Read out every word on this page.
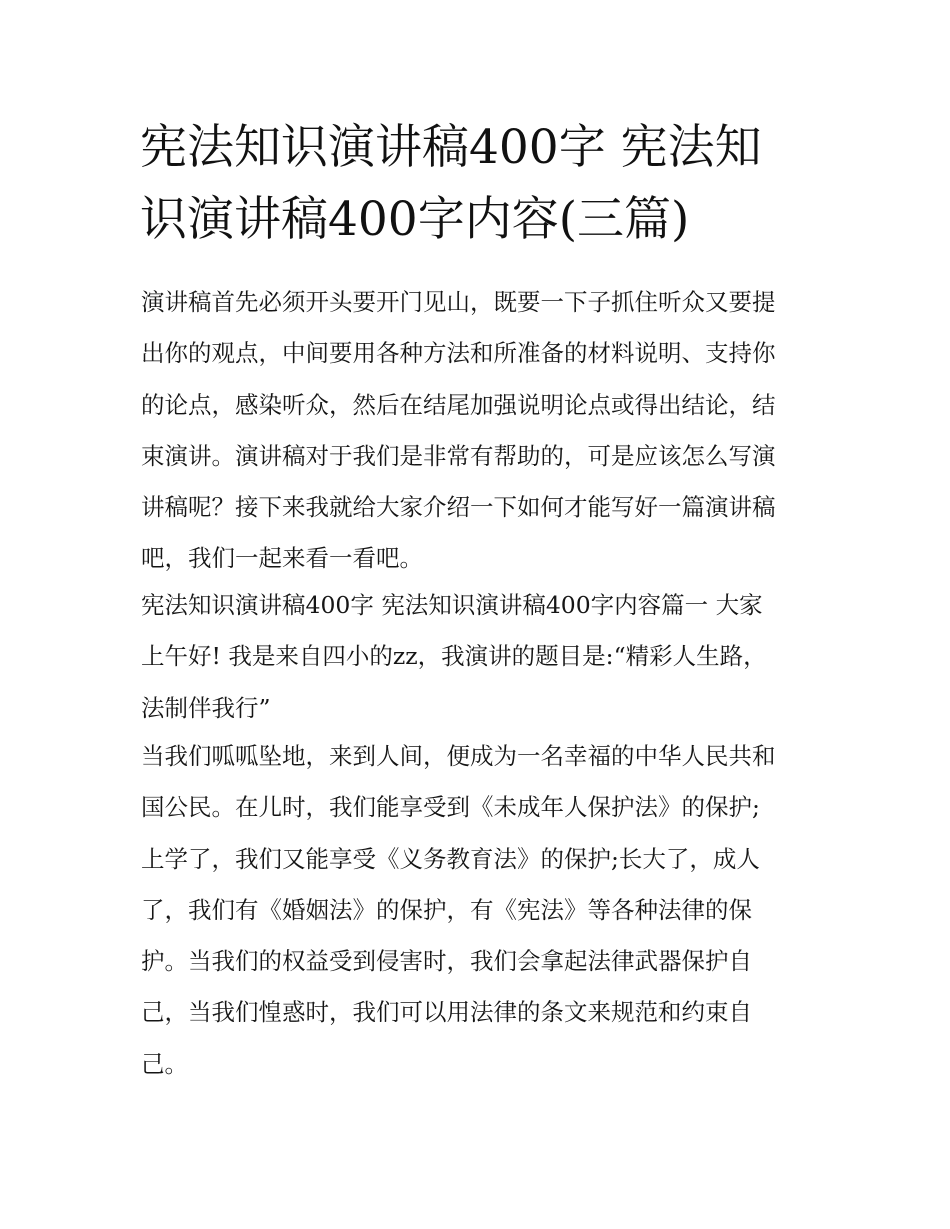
宪法知识演讲稿400字 宪法知
识演讲稿400字内容(三篇)

演讲稿首先必须开头要开门见山，既要一下子抓住听众又要提
出你的观点，中间要用各种方法和所准备的材料说明、支持你
的论点，感染听众，然后在结尾加强说明论点或得出结论，结
束演讲。演讲稿对于我们是非常有帮助的，可是应该怎么写演
讲稿呢？接下来我就给大家介绍一下如何才能写好一篇演讲稿
吧，我们一起来看一看吧。

宪法知识演讲稿400字 宪法知识演讲稿400字内容篇一 大家
上午好! 我是来自四小的zz，我演讲的题目是:“精彩人生路，
法制伴我行”

当我们呱呱坠地，来到人间，便成为一名幸福的中华人民共和
国公民。在儿时，我们能享受到《未成年人保护法》的保护;
上学了，我们又能享受《义务教育法》的保护;长大了，成人
了，我们有《婚姻法》的保护，有《宪法》等各种法律的保
护。当我们的权益受到侵害时，我们会拿起法律武器保护自
己，当我们惶惑时，我们可以用法律的条文来规范和约束自
己。
